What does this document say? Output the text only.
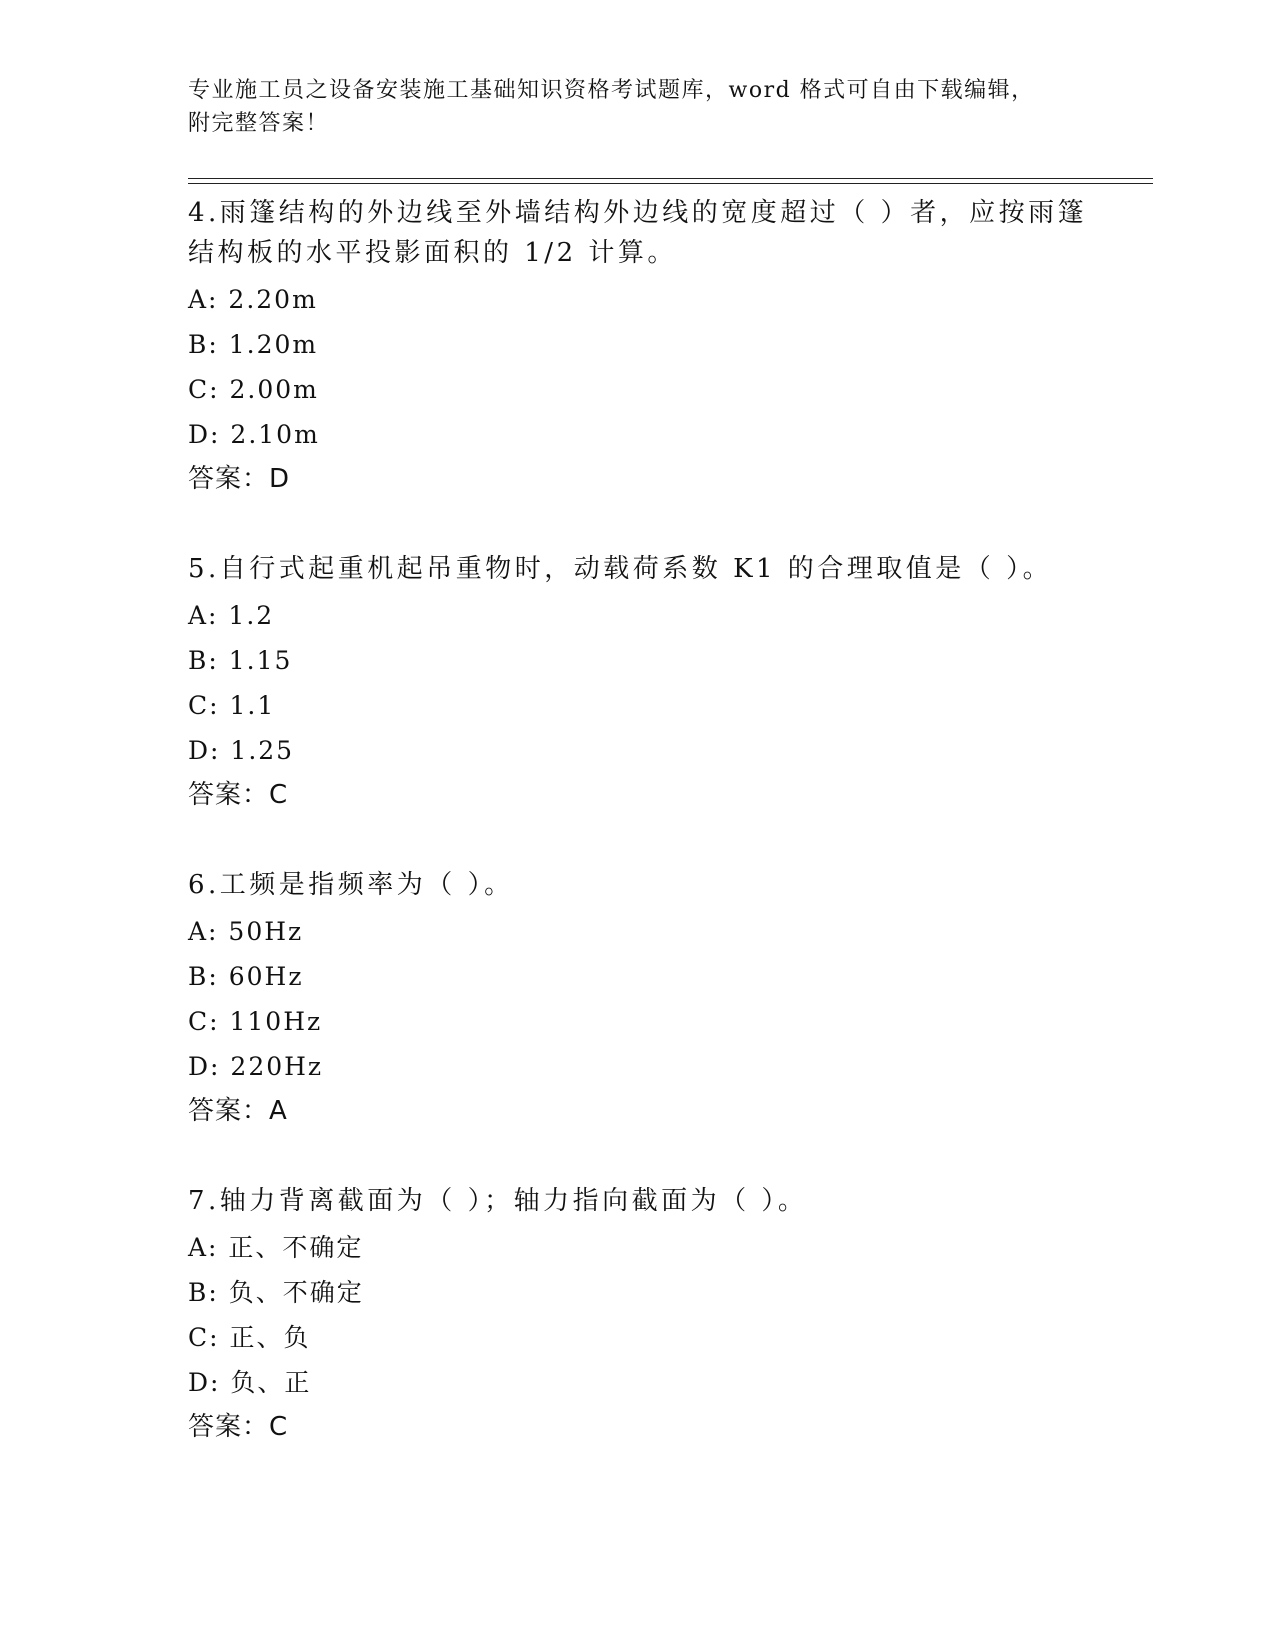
专业施工员之设备安装施工基础知识资格考试题库，word 格式可自由下载编辑，
附完整答案！
4.雨篷结构的外边线至外墙结构外边线的宽度超过（ ）者，应按雨篷结构板的水平投影面积的 1/2 计算。
A: 2.20m
B: 1.20m
C: 2.00m
D: 2.10m
答案：D
5.自行式起重机起吊重物时，动载荷系数 K1 的合理取值是（ ）。
A: 1.2
B: 1.15
C: 1.1
D: 1.25
答案：C
6.工频是指频率为（ ）。
A: 50Hz
B: 60Hz
C: 110Hz
D: 220Hz
答案：A
7.轴力背离截面为（ ）；轴力指向截面为（ ）。
A: 正、不确定
B: 负、不确定
C: 正、负
D: 负、正
答案：C
